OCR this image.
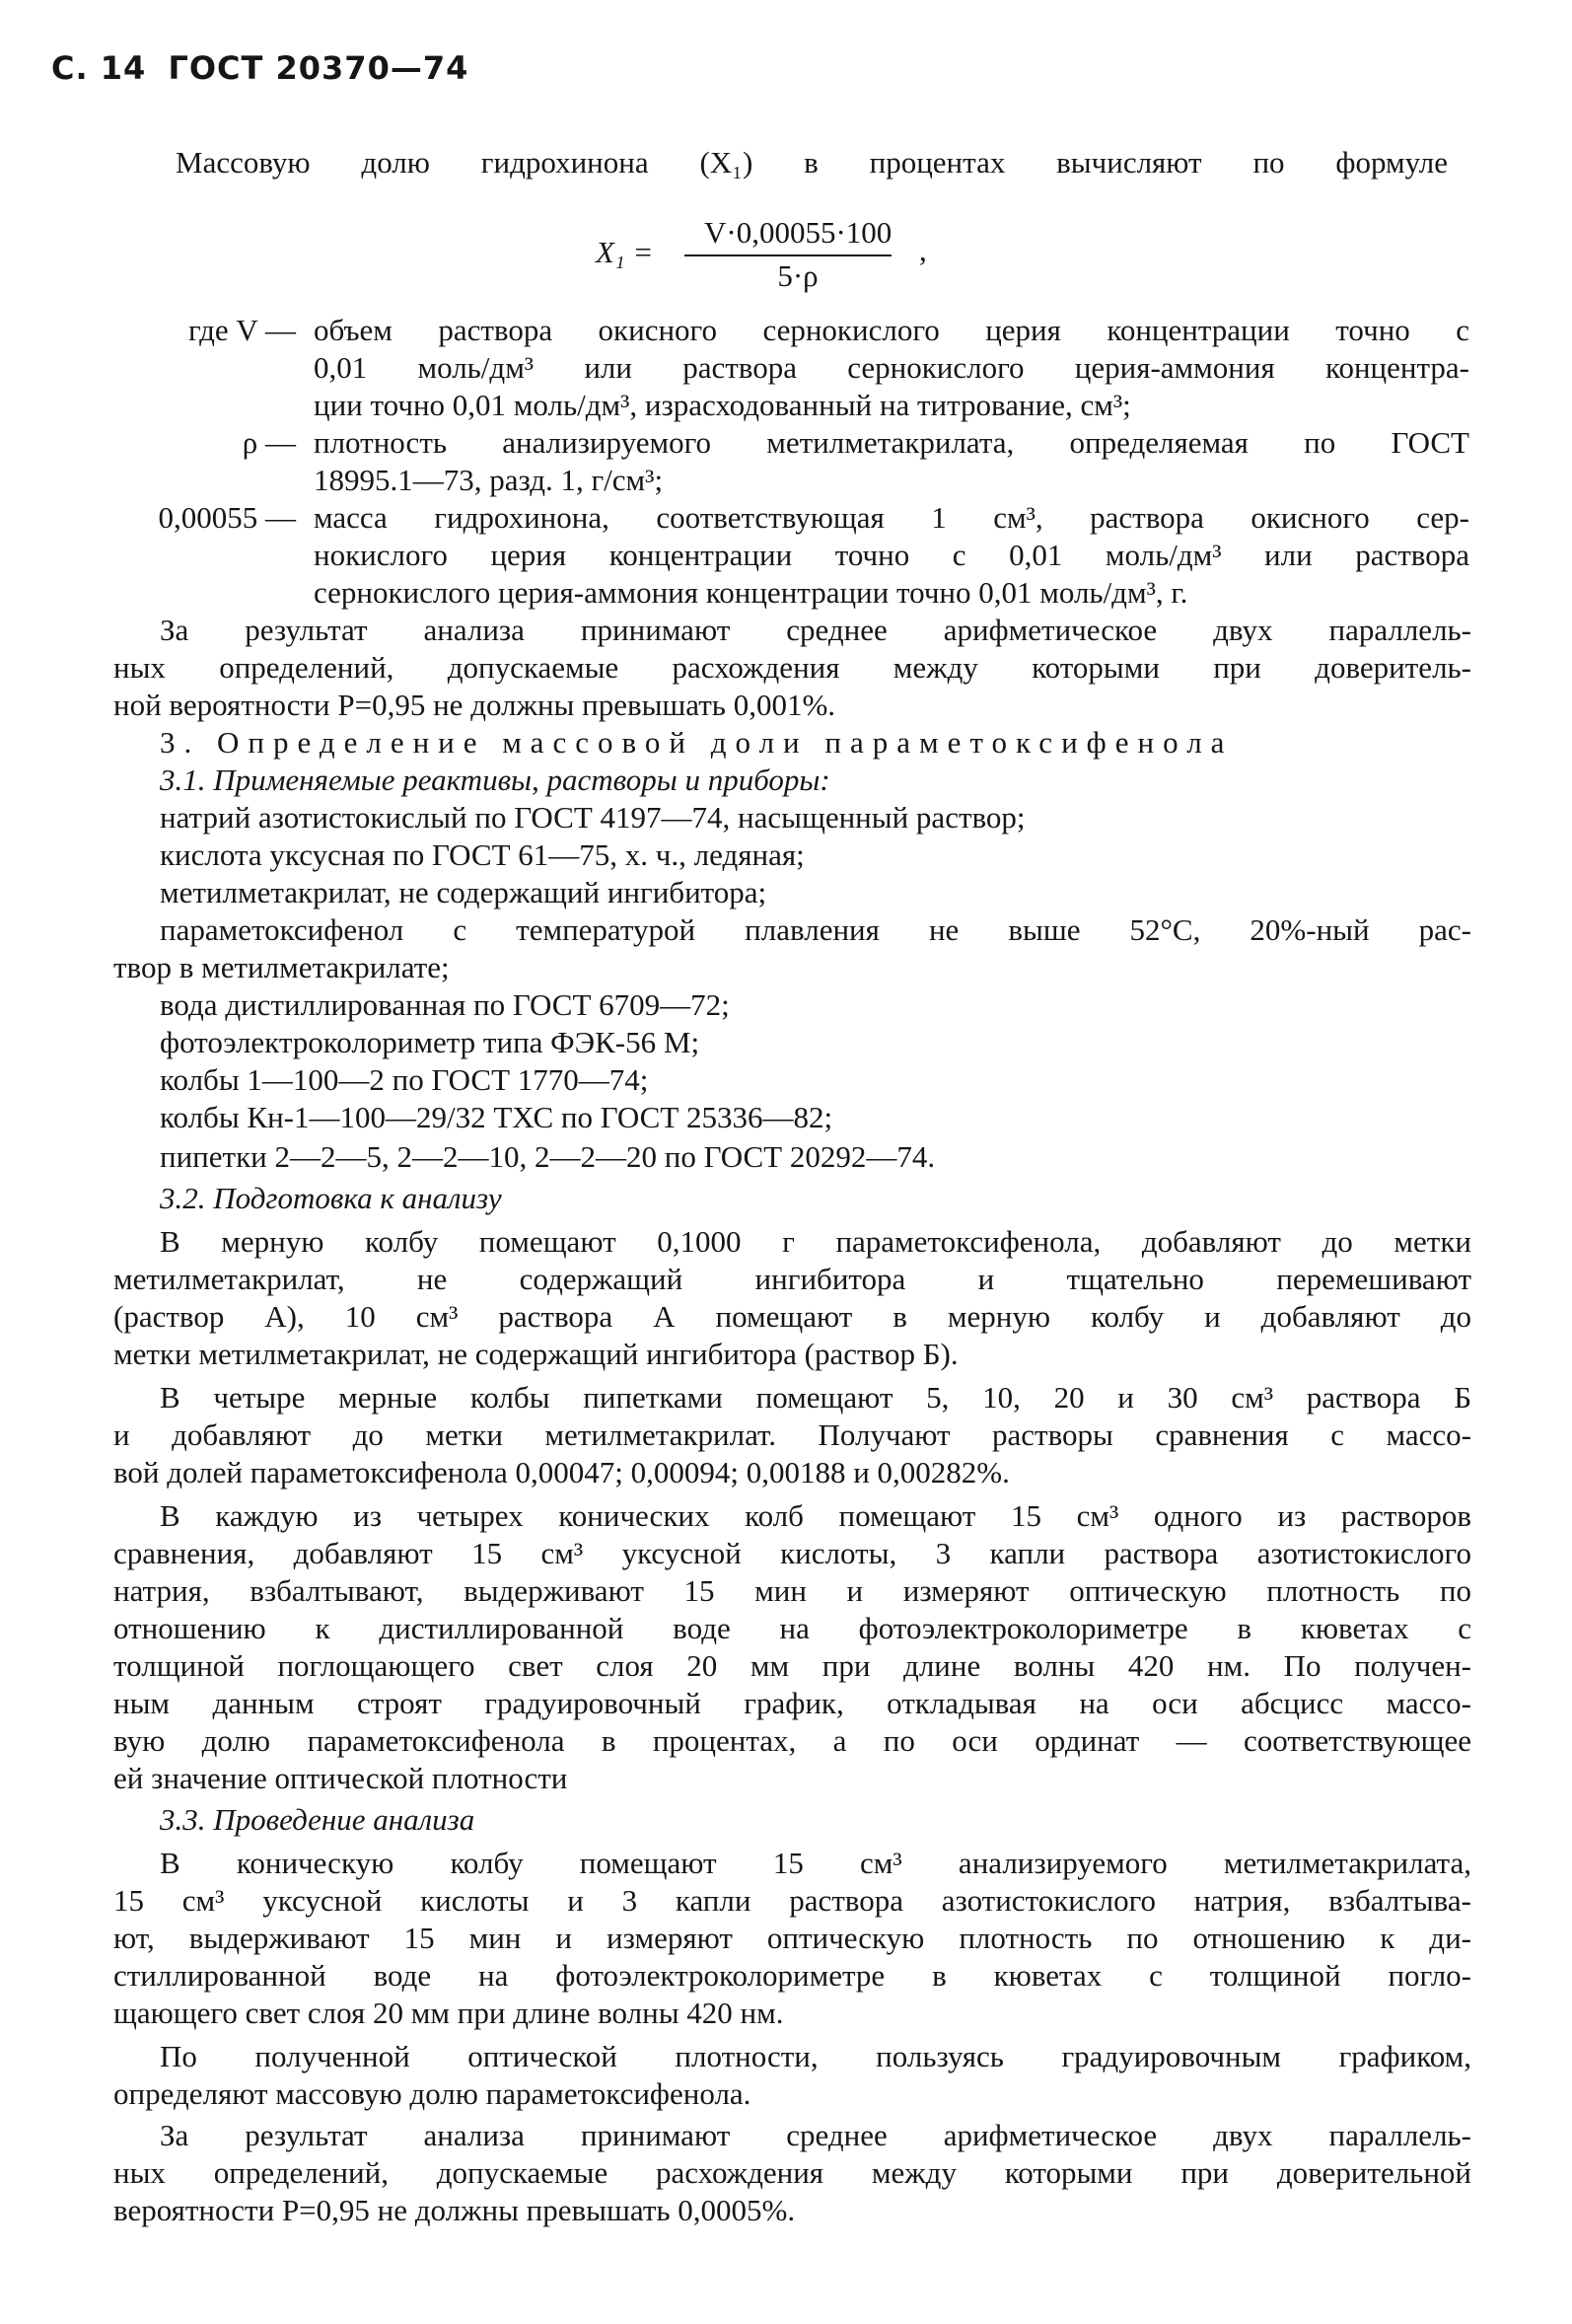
С. 14 ГОСТ 20370—74
Массовую долю гидрохинона (X₁) в процентах вычисляют по формуле
X₁ =
V·0,00055·100
5·ρ
,
где V — объем раствора окисного сернокислого церия концентрации точно с
0,01 моль/дм³ или раствора сернокислого церия-аммония концентра-
ции точно 0,01 моль/дм³, израсходованный на титрование, см³;
ρ — плотность анализируемого метилметакрилата, определяемая по ГОСТ
18995.1—73, разд. 1, г/см³;
0,00055 — масса гидрохинона, соответствующая 1 см³, раствора окисного сер-
нокислого церия концентрации точно с 0,01 моль/дм³ или раствора
сернокислого церия-аммония концентрации точно 0,01 моль/дм³, г.
За результат анализа принимают среднее арифметическое двух параллель-
ных определений, допускаемые расхождения между которыми при доверитель-
ной вероятности Р=0,95 не должны превышать 0,001%.
3. Определение массовой доли параметоксифенола
3.1. Применяемые реактивы, растворы и приборы:
натрий азотистокислый по ГОСТ 4197—74, насыщенный раствор;
кислота уксусная по ГОСТ 61—75, х. ч., ледяная;
метилметакрилат, не содержащий ингибитора;
параметоксифенол с температурой плавления не выше 52°С, 20%-ный рас-
твор в метилметакрилате;
вода дистиллированная по ГОСТ 6709—72;
фотоэлектроколориметр типа ФЭК-56 М;
колбы 1—100—2 по ГОСТ 1770—74;
колбы Кн-1—100—29/32 ТХС по ГОСТ 25336—82;
пипетки 2—2—5, 2—2—10, 2—2—20 по ГОСТ 20292—74.
3.2. Подготовка к анализу
В мерную колбу помещают 0,1000 г параметоксифенола, добавляют до метки
метилметакрилат, не содержащий ингибитора и тщательно перемешивают
(раствор А), 10 см³ раствора А помещают в мерную колбу и добавляют до
метки метилметакрилат, не содержащий ингибитора (раствор Б).
В четыре мерные колбы пипетками помещают 5, 10, 20 и 30 см³ раствора Б
и добавляют до метки метилметакрилат. Получают растворы сравнения с массо-
вой долей параметоксифенола 0,00047; 0,00094; 0,00188 и 0,00282%.
В каждую из четырех конических колб помещают 15 см³ одного из растворов
сравнения, добавляют 15 см³ уксусной кислоты, 3 капли раствора азотистокислого
натрия, взбалтывают, выдерживают 15 мин и измеряют оптическую плотность по
отношению к дистиллированной воде на фотоэлектроколориметре в кюветах с
толщиной поглощающего свет слоя 20 мм при длине волны 420 нм. По получен-
ным данным строят градуировочный график, откладывая на оси абсцисс массо-
вую долю параметоксифенола в процентах, а по оси ординат — соответствующее
ей значение оптической плотности
3.3. Проведение анализа
В коническую колбу помещают 15 см³ анализируемого метилметакрилата,
15 см³ уксусной кислоты и 3 капли раствора азотистокислого натрия, взбалтыва-
ют, выдерживают 15 мин и измеряют оптическую плотность по отношению к ди-
стиллированной воде на фотоэлектроколориметре в кюветах с толщиной погло-
щающего свет слоя 20 мм при длине волны 420 нм.
По полученной оптической плотности, пользуясь градуировочным графиком,
определяют массовую долю параметоксифенола.
За результат анализа принимают среднее арифметическое двух параллель-
ных определений, допускаемые расхождения между которыми при доверительной
вероятности Р=0,95 не должны превышать 0,0005%.
